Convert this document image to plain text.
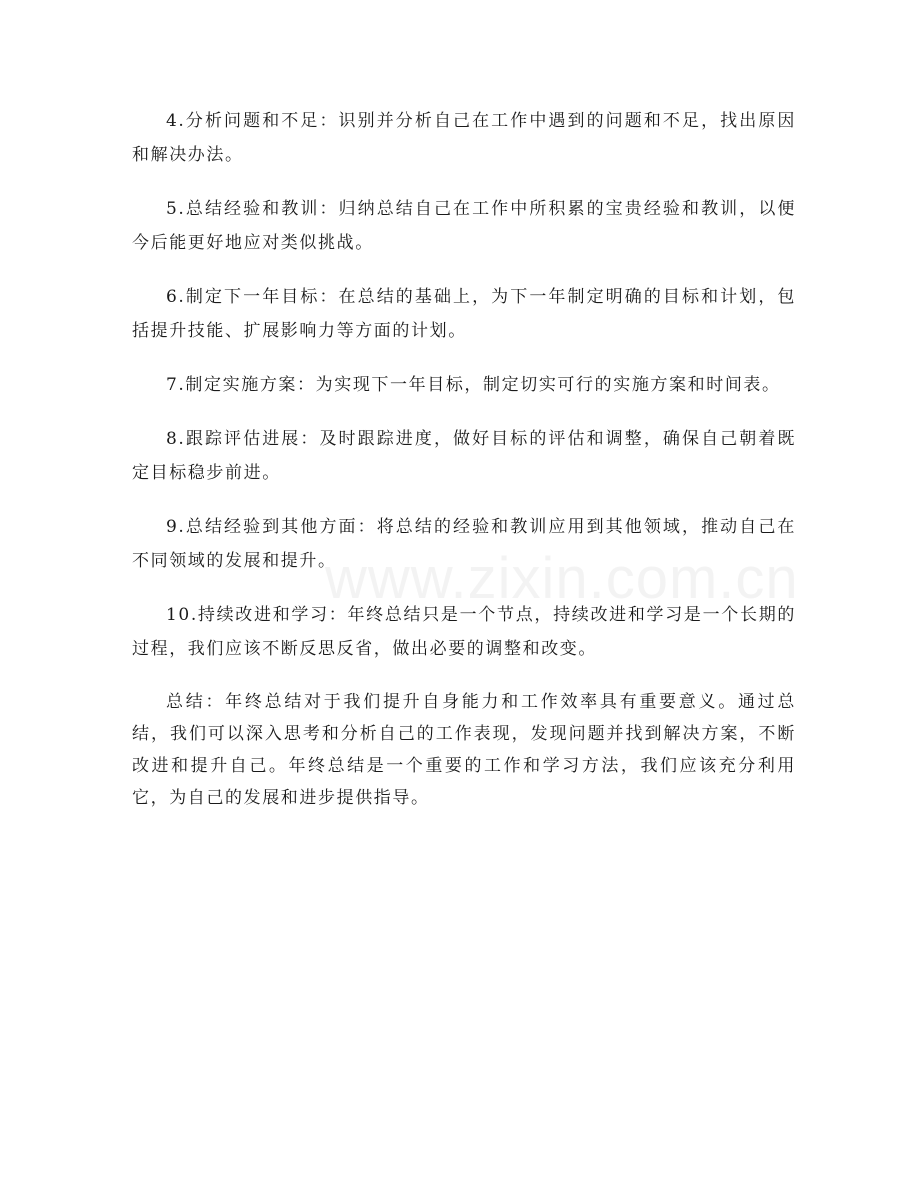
4.分析问题和不足：识别并分析自己在工作中遇到的问题和不足，找出原因和解决办法。

5.总结经验和教训：归纳总结自己在工作中所积累的宝贵经验和教训，以便今后能更好地应对类似挑战。

6.制定下一年目标：在总结的基础上，为下一年制定明确的目标和计划，包括提升技能、扩展影响力等方面的计划。

7.制定实施方案：为实现下一年目标，制定切实可行的实施方案和时间表。

8.跟踪评估进展：及时跟踪进度，做好目标的评估和调整，确保自己朝着既定目标稳步前进。

9.总结经验到其他方面：将总结的经验和教训应用到其他领域，推动自己在不同领域的发展和提升。

10.持续改进和学习：年终总结只是一个节点，持续改进和学习是一个长期的过程，我们应该不断反思反省，做出必要的调整和改变。

总结：年终总结对于我们提升自身能力和工作效率具有重要意义。通过总结，我们可以深入思考和分析自己的工作表现，发现问题并找到解决方案，不断改进和提升自己。年终总结是一个重要的工作和学习方法，我们应该充分利用它，为自己的发展和进步提供指导。

www.zixin.com.cn
